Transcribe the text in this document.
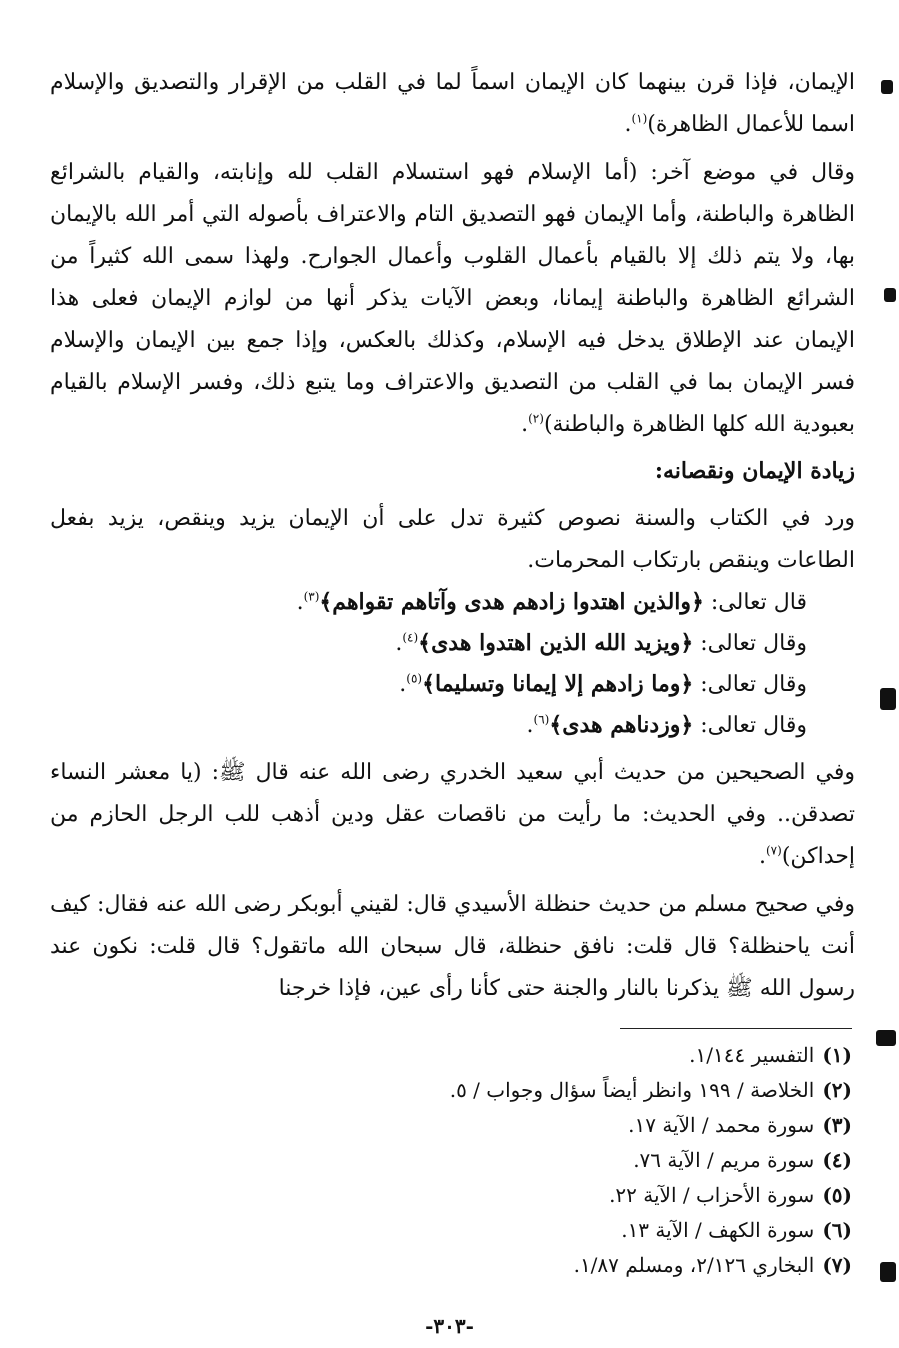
الإيمان، فإذا قرن بينهما كان الإيمان اسماً لما في القلب من الإقرار والتصديق والإسلام اسما للأعمال الظاهرة)$^{(١)}$.

وقال في موضع آخر: (أما الإسلام فهو استسلام القلب لله وإنابته، والقيام بالشرائع الظاهرة والباطنة، وأما الإيمان فهو التصديق التام والاعتراف بأصوله التي أمر الله بالإيمان بها، ولا يتم ذلك إلا بالقيام بأعمال القلوب وأعمال الجوارح. ولهذا سمى الله كثيراً من الشرائع الظاهرة والباطنة إيمانا، وبعض الآيات يذكر أنها من لوازم الإيمان فعلى هذا الإيمان عند الإطلاق يدخل فيه الإسلام، وكذلك بالعكس، وإذا جمع بين الإيمان والإسلام فسر الإيمان بما في القلب من التصديق والاعتراف وما يتبع ذلك، وفسر الإسلام بالقيام بعبودية الله كلها الظاهرة والباطنة)$^{(٢)}$.

زيادة الإيمان ونقصانه:

ورد في الكتاب والسنة نصوص كثيرة تدل على أن الإيمان يزيد وينقص، يزيد بفعل الطاعات وينقص بارتكاب المحرمات.

قال تعالى: ﴿والذين اهتدوا زادهم هدى وآتاهم تقواهم﴾$^{(٣)}$.

وقال تعالى: ﴿ويزيد الله الذين اهتدوا هدى﴾$^{(٤)}$.

وقال تعالى: ﴿وما زادهم إلا إيمانا وتسليما﴾$^{(٥)}$.

وقال تعالى: ﴿وزدناهم هدى﴾$^{(٦)}$.

وفي الصحيحين من حديث أبي سعيد الخدري رضى الله عنه قال ﷺ: (يا معشر النساء تصدقن.. وفي الحديث: ما رأيت من ناقصات عقل ودين أذهب للب الرجل الحازم من إحداكن)$^{(٧)}$.

وفي صحيح مسلم من حديث حنظلة الأسيدي قال: لقيني أبوبكر رضى الله عنه فقال: كيف أنت ياحنظلة؟ قال قلت: نافق حنظلة، قال سبحان الله ماتقول؟ قال قلت: نكون عند رسول الله ﷺ يذكرنا بالنار والجنة حتى كأنا رأى عين، فإذا خرجنا

(١)التفسير ١/١٤٤.

(٢)الخلاصة / ١٩٩ وانظر أيضاً سؤال وجواب / ٥.

(٣)سورة محمد / الآية ١٧.

(٤)سورة مريم / الآية ٧٦.

(٥)سورة الأحزاب / الآية ٢٢.

(٦)سورة الكهف / الآية ١٣.

(٧)البخاري ٢/١٢٦، ومسلم ١/٨٧.

-٣٠٣-
